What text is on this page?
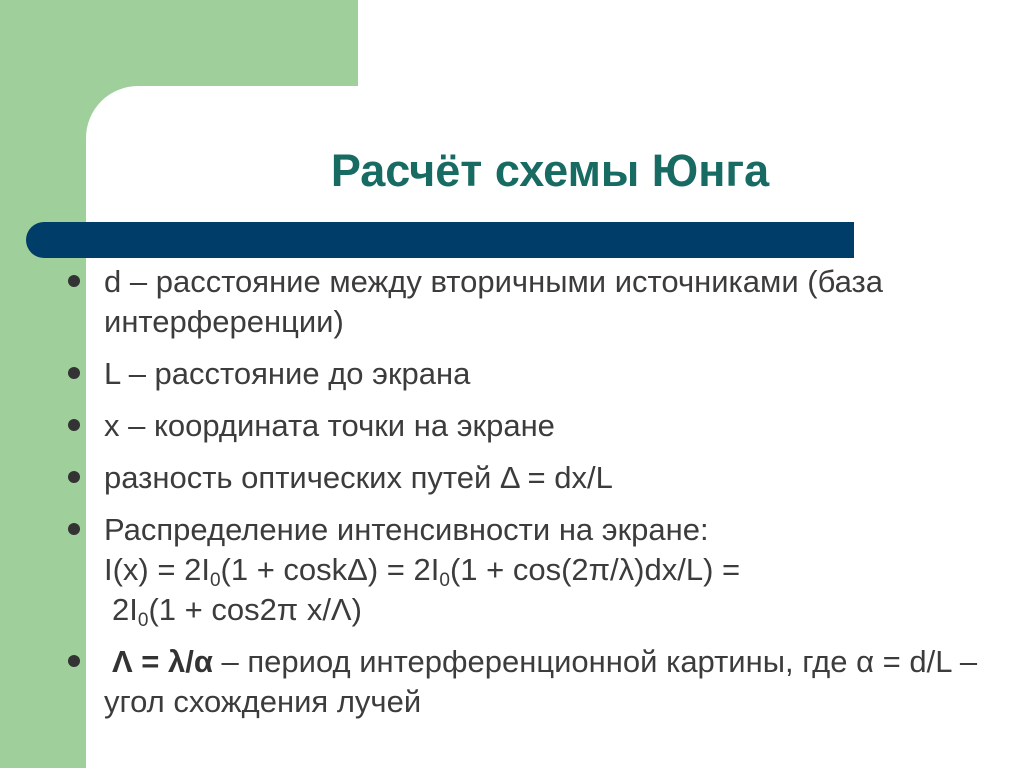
Расчёт схемы Юнга
d – расстояние между вторичными источниками (база интерференции)
L – расстояние до экрана
x – координата точки на экране
разность оптических путей Δ = dx/L
Распределение интенсивности на экране:
I(x) = 2I0(1 + coskΔ) = 2I0(1 + cos(2π/λ)dx/L) =
2I0(1 + cos2π x/Λ)
Λ = λ/α – период интерференционной картины, где α = d/L – угол схождения лучей
